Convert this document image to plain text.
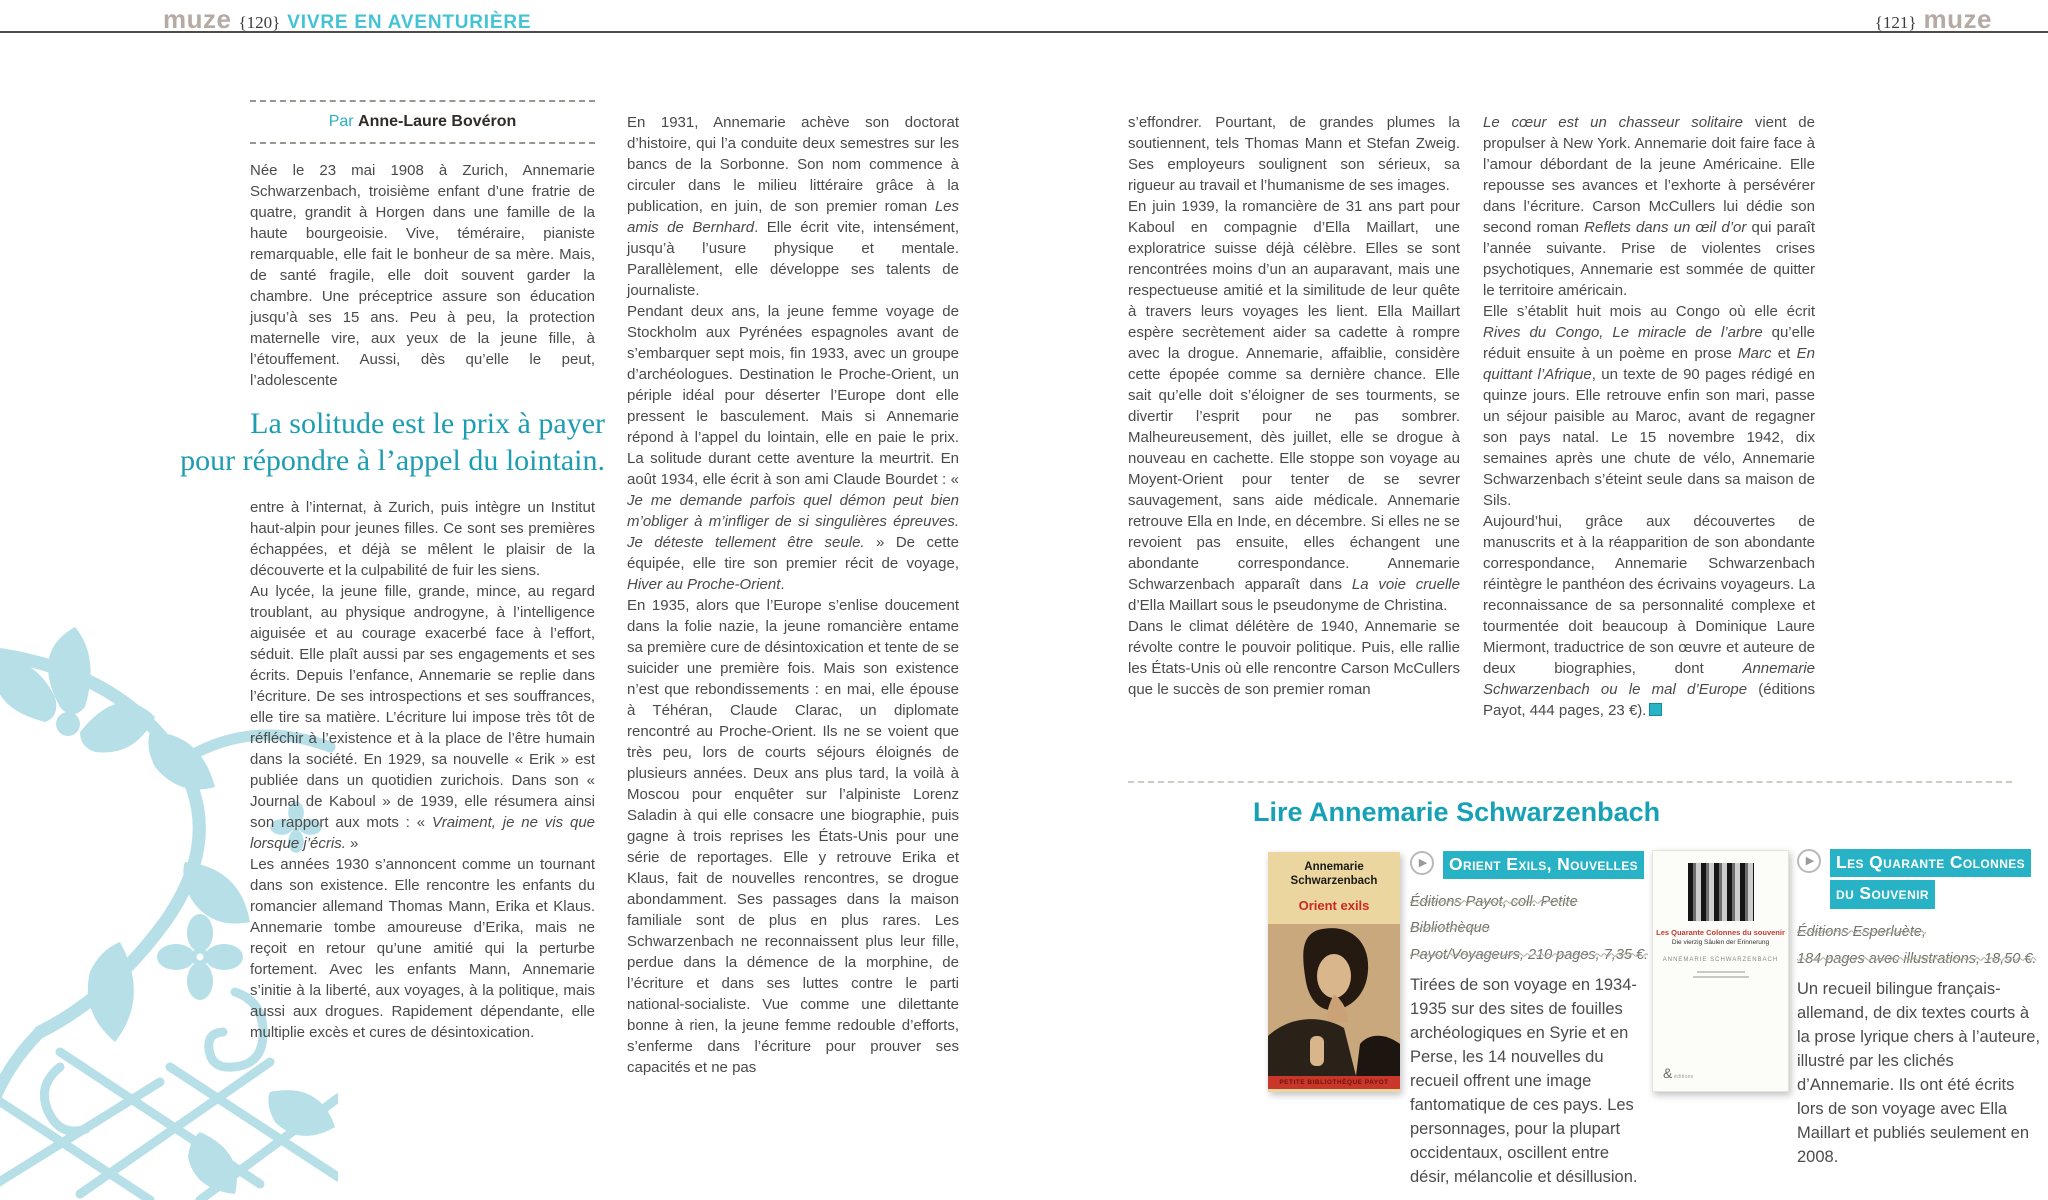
muze {120} VIVRE EN AVENTURIÈRE	{121} muze
Par Anne-Laure Bovéron

Née le 23 mai 1908 à Zurich, Annemarie Schwarzenbach, troisième enfant d’une fratrie de quatre, grandit à Horgen dans une famille de la haute bourgeoisie. Vive, téméraire, pianiste remarquable, elle fait le bonheur de sa mère. Mais, de santé fragile, elle doit souvent garder la chambre. Une préceptrice assure son éducation jusqu’à ses 15 ans. Peu à peu, la protection maternelle vire, aux yeux de la jeune fille, à l’étouffement. Aussi, dès qu’elle le peut, l’adolescente

La solitude est le prix à payer
pour répondre à l’appel du lointain.

entre à l’internat, à Zurich, puis intègre un Institut haut-alpin pour jeunes filles. Ce sont ses premières échappées, et déjà se mêlent le plaisir de la découverte et la culpabilité de fuir les siens.

Au lycée, la jeune fille, grande, mince, au regard troublant, au physique androgyne, à l’intelligence aiguisée et au courage exacerbé face à l’effort, séduit. Elle plaît aussi par ses engagements et ses écrits. Depuis l’enfance, Annemarie se replie dans l’écriture. De ses introspections et ses souffrances, elle tire sa matière. L’écriture lui impose très tôt de réfléchir à l’existence et à la place de l’être humain dans la société. En 1929, sa nouvelle « Erik » est publiée dans un quotidien zurichois. Dans son « Journal de Kaboul » de 1939, elle résumera ainsi son rapport aux mots : « Vraiment, je ne vis que lorsque j’écris. »

Les années 1930 s’annoncent comme un tournant dans son existence. Elle rencontre les enfants du romancier allemand Thomas Mann, Erika et Klaus. Annemarie tombe amoureuse d’Erika, mais ne reçoit en retour qu’une amitié qui la perturbe fortement. Avec les enfants Mann, Annemarie s’initie à la liberté, aux voyages, à la politique, mais aussi aux drogues. Rapidement dépendante, elle multiplie excès et cures de désintoxication.

En 1931, Annemarie achève son doctorat d’histoire, qui l’a conduite deux semestres sur les bancs de la Sorbonne. Son nom commence à circuler dans le milieu littéraire grâce à la publication, en juin, de son premier roman Les amis de Bernhard. Elle écrit vite, intensément, jusqu’à l’usure physique et mentale. Parallèlement, elle développe ses talents de journaliste.

Pendant deux ans, la jeune femme voyage de Stockholm aux Pyrénées espagnoles avant de s’embarquer sept mois, fin 1933, avec un groupe d’archéologues. Destination le Proche-Orient, un périple idéal pour déserter l’Europe dont elle pressent le basculement. Mais si Annemarie répond à l’appel du lointain, elle en paie le prix. La solitude durant cette aventure la meurtrit. En août 1934, elle écrit à son ami Claude Bourdet : « Je me demande parfois quel démon peut bien m’obliger à m’infliger de si singulières épreuves. Je déteste tellement être seule. » De cette équipée, elle tire son premier récit de voyage, Hiver au Proche-Orient.

En 1935, alors que l’Europe s’enlise doucement dans la folie nazie, la jeune romancière entame sa première cure de désintoxication et tente de se suicider une première fois. Mais son existence n’est que rebondissements : en mai, elle épouse à Téhéran, Claude Clarac, un diplomate rencontré au Proche-Orient. Ils ne se voient que très peu, lors de courts séjours éloignés de plusieurs années. Deux ans plus tard, la voilà à Moscou pour enquêter sur l’alpiniste Lorenz Saladin à qui elle consacre une biographie, puis gagne à trois reprises les États-Unis pour une série de reportages. Elle y retrouve Erika et Klaus, fait de nouvelles rencontres, se drogue abondamment. Ses passages dans la maison familiale sont de plus en plus rares. Les Schwarzenbach ne reconnaissent plus leur fille, perdue dans la démence de la morphine, de l’écriture et dans ses luttes contre le parti national-socialiste. Vue comme une dilettante bonne à rien, la jeune femme redouble d’efforts, s’enferme dans l’écriture pour prouver ses capacités et ne pas

s’effondrer. Pourtant, de grandes plumes la soutiennent, tels Thomas Mann et Stefan Zweig. Ses employeurs soulignent son sérieux, sa rigueur au travail et l’humanisme de ses images.

En juin 1939, la romancière de 31 ans part pour Kaboul en compagnie d’Ella Maillart, une exploratrice suisse déjà célèbre. Elles se sont rencontrées moins d’un an auparavant, mais une respectueuse amitié et la similitude de leur quête à travers leurs voyages les lient. Ella Maillart espère secrètement aider sa cadette à rompre avec la drogue. Annemarie, affaiblie, considère cette épopée comme sa dernière chance. Elle sait qu’elle doit s’éloigner de ses tourments, se divertir l’esprit pour ne pas sombrer. Malheureusement, dès juillet, elle se drogue à nouveau en cachette. Elle stoppe son voyage au Moyent-Orient pour tenter de se sevrer sauvagement, sans aide médicale. Annemarie retrouve Ella en Inde, en décembre. Si elles ne se revoient pas ensuite, elles échangent une abondante correspondance. Annemarie Schwarzenbach apparaît dans La voie cruelle d’Ella Maillart sous le pseudonyme de Christina.

Dans le climat délétère de 1940, Annemarie se révolte contre le pouvoir politique. Puis, elle rallie les États-Unis où elle rencontre Carson McCullers que le succès de son premier roman

Le cœur est un chasseur solitaire vient de propulser à New York. Annemarie doit faire face à l’amour débordant de la jeune Américaine. Elle repousse ses avances et l’exhorte à persévérer dans l’écriture. Carson McCullers lui dédie son second roman Reflets dans un œil d’or qui paraît l’année suivante. Prise de violentes crises psychotiques, Annemarie est sommée de quitter le territoire américain.

Elle s’établit huit mois au Congo où elle écrit Rives du Congo, Le miracle de l’arbre qu’elle réduit ensuite à un poème en prose Marc et En quittant l’Afrique, un texte de 90 pages rédigé en quinze jours. Elle retrouve enfin son mari, passe un séjour paisible au Maroc, avant de regagner son pays natal. Le 15 novembre 1942, dix semaines après une chute de vélo, Annemarie Schwarzenbach s’éteint seule dans sa maison de Sils.

Aujourd’hui, grâce aux découvertes de manuscrits et à la réapparition de son abondante correspondance, Annemarie Schwarzenbach réintègre le panthéon des écrivains voyageurs. La reconnaissance de sa personnalité complexe et tourmentée doit beaucoup à Dominique Laure Miermont, traductrice de son œuvre et auteure de deux biographies, dont Annemarie Schwarzenbach ou le mal d’Europe (éditions Payot, 444 pages, 23 €).

Lire Annemarie Schwarzenbach
Annemarie Schwarzenbach
Orient exils
PETITE BIBLIOTHÈQUE PAYOT
▶	Orient Exils, Nouvelles
Éditions Payot, coll. Petite Bibliothèque
Payot/Voyageurs, 210 pages, 7,35 €.
Tirées de son voyage en 1934-1935 sur des sites de fouilles archéologiques en Syrie et en Perse, les 14 nouvelles du recueil offrent une image fantomatique de ces pays. Les personnages, pour la plupart occidentaux, oscillent entre désir, mélancolie et désillusion.
Les Quarante Colonnes du souvenir
Die vierzig Säulen der Erinnerung
ANNEMARIE SCHWARZENBACH
& éditions
▶	Les Quarante Colonnes
du Souvenir
Éditions Esperluète,
184 pages avec illustrations, 18,50 €.
Un recueil bilingue français-allemand, de dix textes courts à la prose lyrique chers à l’auteure, illustré par les clichés d’Annemarie. Ils ont été écrits lors de son voyage avec Ella Maillart et publiés seulement en 2008.
